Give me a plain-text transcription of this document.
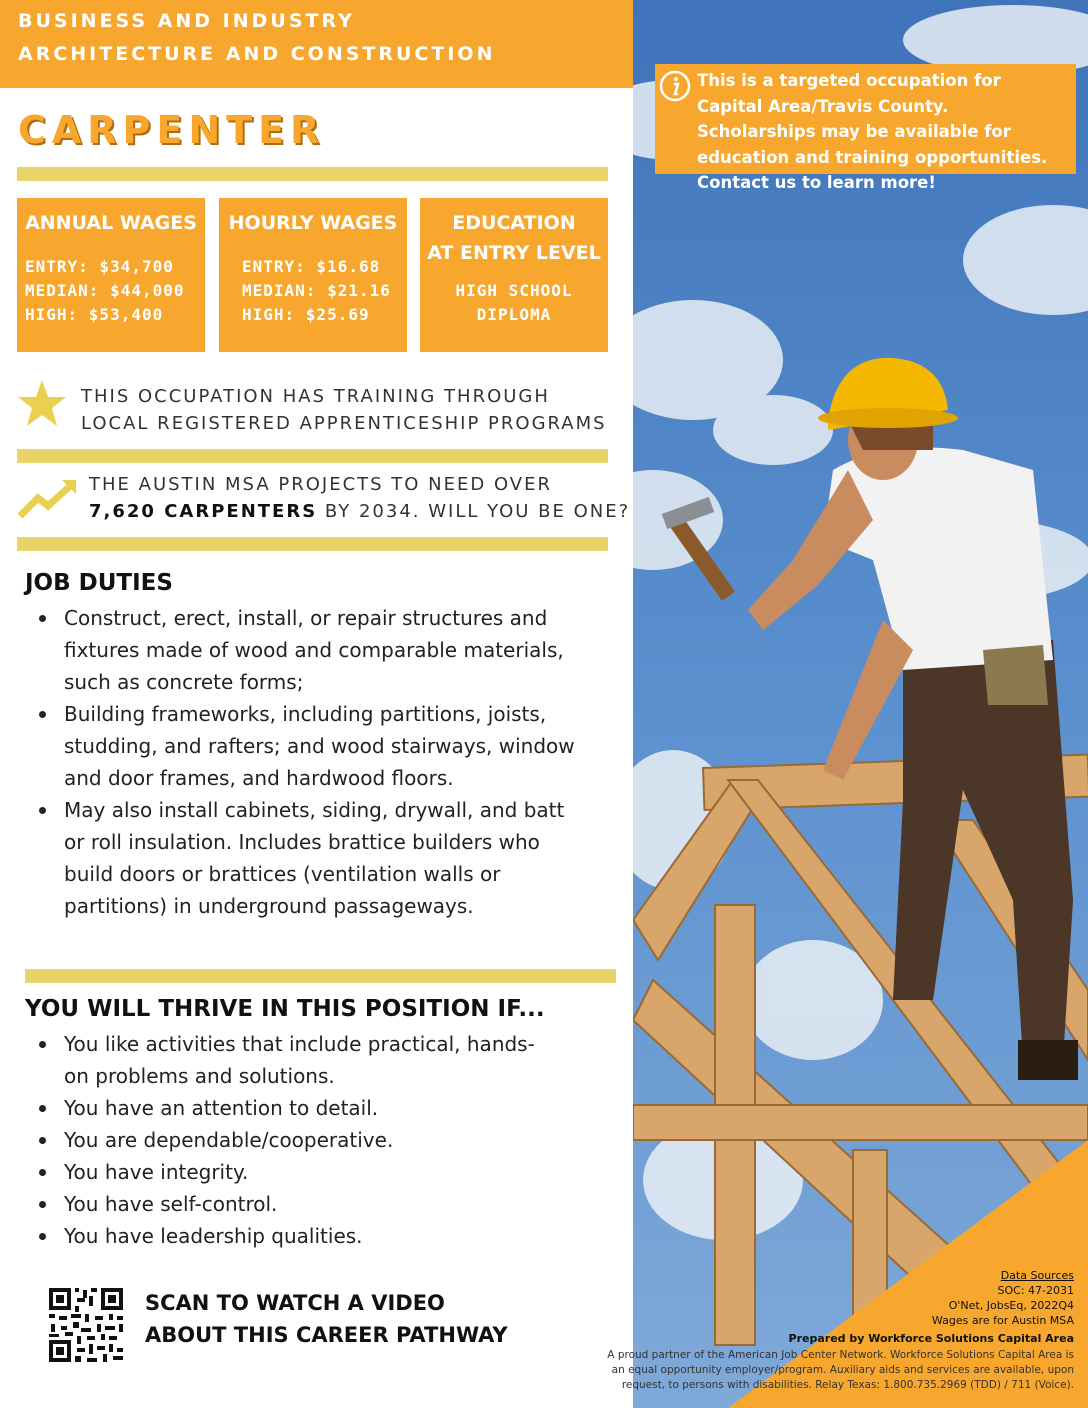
BUSINESS AND INDUSTRY
ARCHITECTURE AND CONSTRUCTION
CARPENTER
This is a targeted occupation for Capital Area/Travis County. Scholarships may be available for education and training opportunities. Contact us to learn more!
ANNUAL WAGES
ENTRY: $34,700
MEDIAN: $44,000
HIGH: $53,400
HOURLY WAGES
ENTRY: $16.68
MEDIAN: $21.16
HIGH: $25.69
EDUCATION
AT ENTRY LEVEL
HIGH SCHOOL
DIPLOMA
THIS OCCUPATION HAS TRAINING THROUGH
LOCAL REGISTERED APPRENTICESHIP PROGRAMS
THE AUSTIN MSA PROJECTS TO NEED OVER
7,620 CARPENTERS BY 2034. WILL YOU BE ONE?
JOB DUTIES
Construct, erect, install, or repair structures and
fixtures made of wood and comparable materials,
such as concrete forms;
Building frameworks, including partitions, joists,
studding, and rafters; and wood stairways, window
and door frames, and hardwood floors.
May also install cabinets, siding, drywall, and batt
or roll insulation. Includes brattice builders who
build doors or brattices (ventilation walls or
partitions) in underground passageways.
YOU WILL THRIVE IN THIS POSITION IF...
You like activities that include practical, hands-
on problems and solutions.
You have an attention to detail.
You are dependable/cooperative.
You have integrity.
You have self-control.
You have leadership qualities.
SCAN TO WATCH A VIDEO
ABOUT THIS CAREER PATHWAY
Data Sources
SOC: 47-2031
O'Net, JobsEq, 2022Q4
Wages are for Austin MSA
Prepared by Workforce Solutions Capital Area
A proud partner of the American Job Center Network. Workforce Solutions Capital Area is
an equal opportunity employer/program. Auxiliary aids and services are available, upon
request, to persons with disabilities. Relay Texas: 1.800.735.2969 (TDD) / 711 (Voice).
